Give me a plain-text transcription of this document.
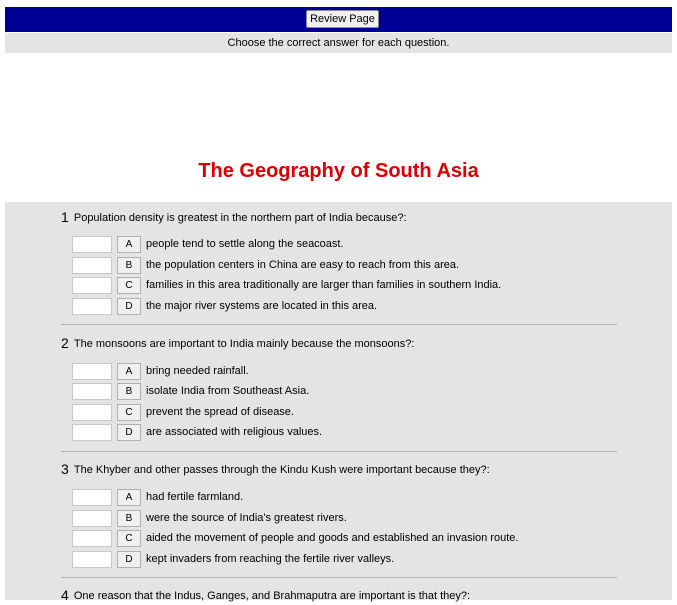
Review Page
Choose the correct answer for each question.
The Geography of South Asia
1 Population density is greatest in the northern part of India because?:
A	people tend to settle along the seacoast.
B	the population centers in China are easy to reach from this area.
C	families in this area traditionally are larger than families in southern India.
D	the major river systems are located in this area.
2 The monsoons are important to India mainly because the monsoons?:
A	bring needed rainfall.
B	isolate India from Southeast Asia.
C	prevent the spread of disease.
D	are associated with religious values.
3 The Khyber and other passes through the Kindu Kush were important because they?:
A	had fertile farmland.
B	were the source of India's greatest rivers.
C	aided the movement of people and goods and established an invasion route.
D	kept invaders from reaching the fertile river valleys.
4 One reason that the Indus, Ganges, and Brahmaputra are important is that they?:
